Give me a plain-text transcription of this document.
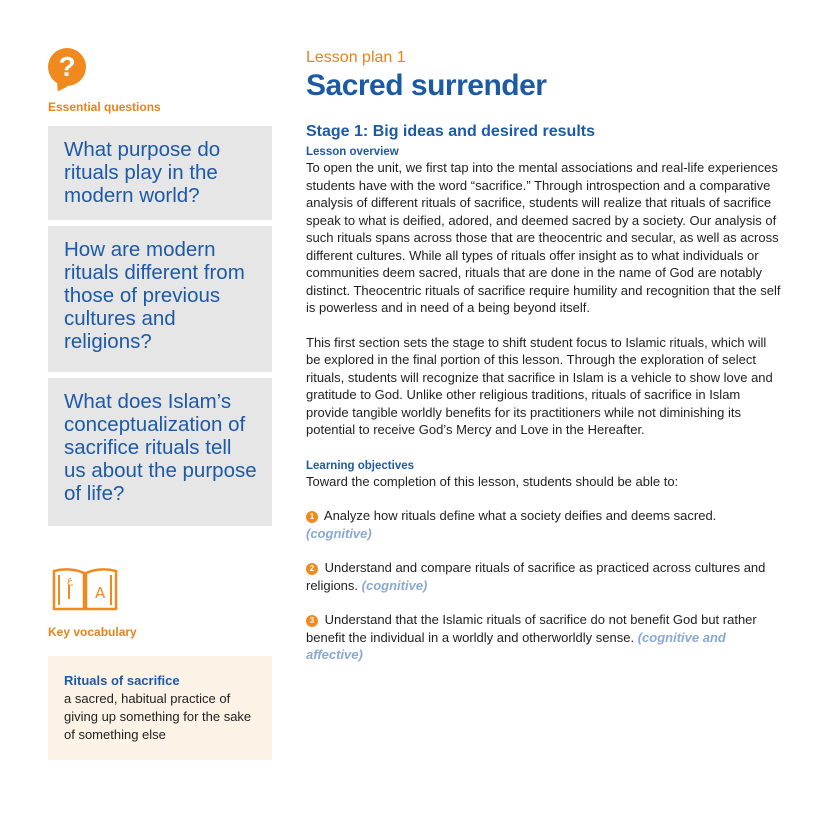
?
Essential questions
What purpose do rituals play in the modern world?
How are modern rituals different from those of previous cultures and religions?
What does Islam’s conceptualization of sacrifice rituals tell us about the purpose of life?
ع
A
Key vocabulary
Rituals of sacrifice
a sacred, habitual practice of giving up something for the sake of something else
Lesson plan 1
Sacred surrender
Stage 1: Big ideas and desired results
Lesson overview

To open the unit, we first tap into the mental associations and real-life experiences students have with the word “sacrifice.” Through introspection and a comparative analysis of different rituals of sacrifice, students will realize that rituals of sacrifice speak to what is deified, adored, and deemed sacred by a society. Our analysis of such rituals spans across those that are theocentric and secular, as well as across different cultures. While all types of rituals offer insight as to what individuals or communities deem sacred, rituals that are done in the name of God are notably distinct. Theocentric rituals of sacrifice require humility and recognition that the self is powerless and in need of a being beyond itself.

This first section sets the stage to shift student focus to Islamic rituals, which will be explored in the final portion of this lesson. Through the exploration of select rituals, students will recognize that sacrifice in Islam is a vehicle to show love and gratitude to God. Unlike other religious traditions, rituals of sacrifice in Islam provide tangible worldly benefits for its practitioners while not diminishing its potential to receive God’s Mercy and Love in the Hereafter.

Learning objectives
Toward the completion of this lesson, students should be able to:
1 Analyze how rituals define what a society deifies and deems sacred. (cognitive)
2 Understand and compare rituals of sacrifice as practiced across cultures and religions. (cognitive)
3 Understand that the Islamic rituals of sacrifice do not benefit God but rather benefit the individual in a worldly and otherworldly sense. (cognitive and affective)
